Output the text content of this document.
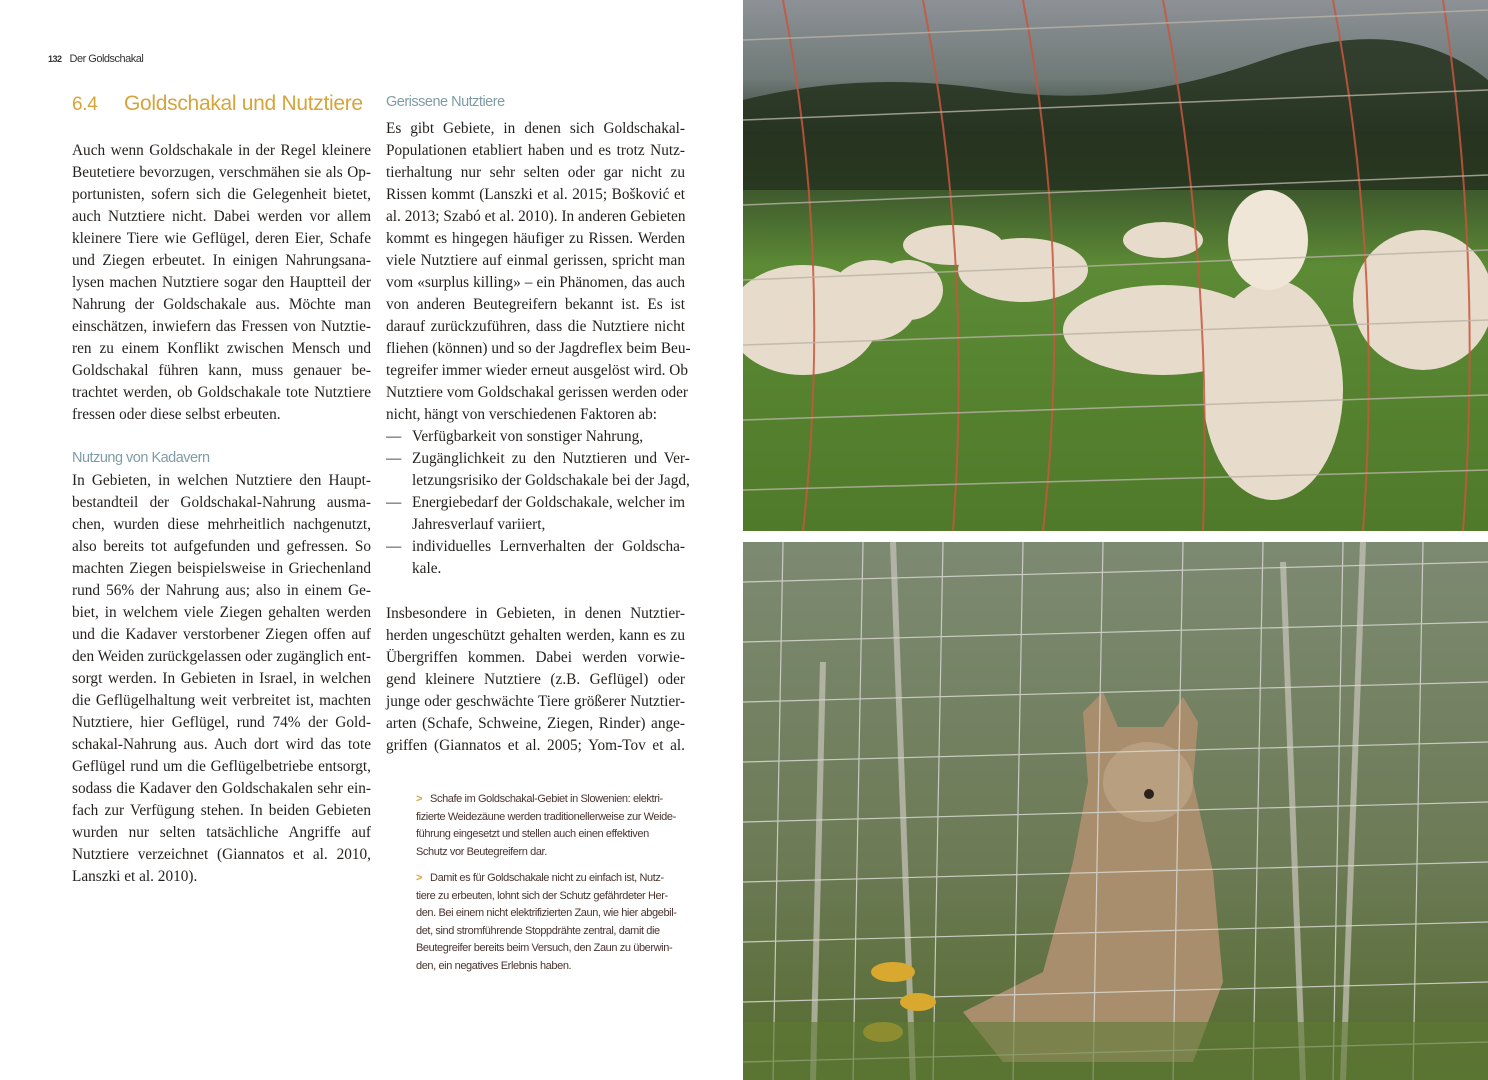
132 Der Goldschakal
6.4 Goldschakal und Nutztiere
Auch wenn Goldschakale in der Regel kleinere
Beutetiere bevorzugen, verschmähen sie als Op-
portunisten, sofern sich die Gelegenheit bietet,
auch Nutztiere nicht. Dabei werden vor allem
kleinere Tiere wie Geflügel, deren Eier, Schafe
und Ziegen erbeutet. In einigen Nahrungsana-
lysen machen Nutztiere sogar den Hauptteil der
Nahrung der Goldschakale aus. Möchte man
einschätzen, inwiefern das Fressen von Nutztie-
ren zu einem Konflikt zwischen Mensch und
Goldschakal führen kann, muss genauer be-
trachtet werden, ob Goldschakale tote Nutztiere
fressen oder diese selbst erbeuten.
Nutzung von Kadavern
In Gebieten, in welchen Nutztiere den Haupt-
bestandteil der Goldschakal-Nahrung ausma-
chen, wurden diese mehrheitlich nachgenutzt,
also bereits tot aufgefunden und gefressen. So
machten Ziegen beispielsweise in Griechenland
rund 56% der Nahrung aus; also in einem Ge-
biet, in welchem viele Ziegen gehalten werden
und die Kadaver verstorbener Ziegen offen auf
den Weiden zurückgelassen oder zugänglich ent-
sorgt werden. In Gebieten in Israel, in welchen
die Geflügelhaltung weit verbreitet ist, machten
Nutztiere, hier Geflügel, rund 74% der Gold-
schakal-Nahrung aus. Auch dort wird das tote
Geflügel rund um die Geflügelbetriebe entsorgt,
sodass die Kadaver den Goldschakalen sehr ein-
fach zur Verfügung stehen. In beiden Gebieten
wurden nur selten tatsächliche Angriffe auf
Nutztiere verzeichnet (Giannatos et al. 2010,
Lanszki et al. 2010).
Gerissene Nutztiere
Es gibt Gebiete, in denen sich Goldschakal-
Populationen etabliert haben und es trotz Nutz-
tierhaltung nur sehr selten oder gar nicht zu
Rissen kommt (Lanszki et al. 2015; Bošković et
al. 2013; Szabó et al. 2010). In anderen Gebieten
kommt es hingegen häufiger zu Rissen. Werden
viele Nutztiere auf einmal gerissen, spricht man
vom «surplus killing» – ein Phänomen, das auch
von anderen Beutegreifern bekannt ist. Es ist
darauf zurückzuführen, dass die Nutztiere nicht
fliehen (können) und so der Jagdreflex beim Beu-
tegreifer immer wieder erneut ausgelöst wird. Ob
Nutztiere vom Goldschakal gerissen werden oder
nicht, hängt von verschiedenen Faktoren ab:
— Verfügbarkeit von sonstiger Nahrung,
— Zugänglichkeit zu den Nutztieren und Ver-
letzungsrisiko der Goldschakale bei der Jagd,
— Energiebedarf der Goldschakale, welcher im
Jahresverlauf variiert,
— individuelles Lernverhalten der Goldscha-
kale.
Insbesondere in Gebieten, in denen Nutztier-
herden ungeschützt gehalten werden, kann es zu
Übergriffen kommen. Dabei werden vorwie-
gend kleinere Nutztiere (z.B. Geflügel) oder
junge oder geschwächte Tiere größerer Nutztier-
arten (Schafe, Schweine, Ziegen, Rinder) ange-
griffen (Giannatos et al. 2005; Yom-Tov et al.
> Schafe im Goldschakal-Gebiet in Slowenien: elektri-
fizierte Weidezäune werden traditionellerweise zur Weide-
führung eingesetzt und stellen auch einen effektiven
Schutz vor Beutegreifern dar.
> Damit es für Goldschakale nicht zu einfach ist, Nutz-
tiere zu erbeuten, lohnt sich der Schutz gefährdeter Her-
den. Bei einem nicht elektrifizierten Zaun, wie hier abgebil-
det, sind stromführende Stoppdrähte zentral, damit die
Beutegreifer bereits beim Versuch, den Zaun zu überwin-
den, ein negatives Erlebnis haben.
